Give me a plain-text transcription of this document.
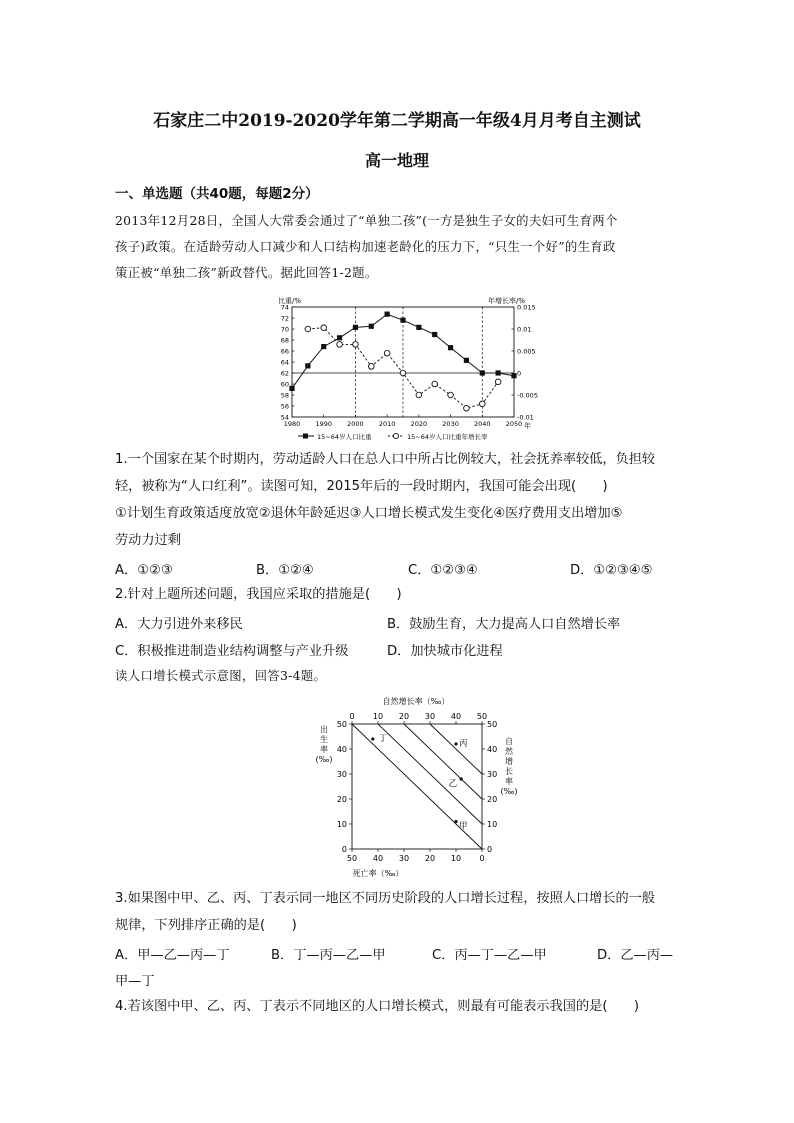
石家庄二中2019-2020学年第二学期高一年级4月月考自主测试
高一地理
一、单选题（共40题，每题2分）
2013年12月28日，全国人大常委会通过了“单独二孩”(一方是独生子女的夫妇可生育两个
孩子)政策。在适龄劳动人口减少和人口结构加速老龄化的压力下，“只生一个好”的生育政
策正被“单独二孩”新政替代。据此回答1-2题。
74
72
70
68
66
64
62
60
58
56
54
0.015
0.01
0.005
0
-0.005
-0.01
1980 1990 2000 2010 2020 2030 2040 2050
比重/%	年增长率/%
年
15~64岁人口比重	15~64岁人口比重年增长率
1.一个国家在某个时期内，劳动适龄人口在总人口中所占比例较大，社会抚养率较低，负担较
轻，被称为“人口红利”。读图可知，2015年后的一段时期内，我国可能会出现(　　)
①计划生育政策适度放宽②退休年龄延迟③人口增长模式发生变化④医疗费用支出增加⑤
劳动力过剩
A．①②③	B．①②④	C．①②③④	D．①②③④⑤
2.针对上题所述问题，我国应采取的措施是(　　)
A．大力引进外来移民	B．鼓励生育，大力提高人口自然增长率
C．积极推进制造业结构调整与产业升级	D．加快城市化进程
读人口增长模式示意图，回答3-4题。
自然增长率（‰）
0	0
0
0
10	10
10
10
20	20
20
20
30	30
30
30
40	40
40
40
50	50
50
50
丁	丙
乙
甲
出
生
率
(‰)
自
然
增
长
率
(‰)
死亡率（‰）
3.如果图中甲、乙、丙、丁表示同一地区不同历史阶段的人口增长过程，按照人口增长的一般
规律，下列排序正确的是(　　)
A．甲—乙—丙—丁	B．丁—丙—乙—甲	C．丙—丁—乙—甲	D．乙—丙—
甲—丁
4.若该图中甲、乙、丙、丁表示不同地区的人口增长模式，则最有可能表示我国的是(　　)
